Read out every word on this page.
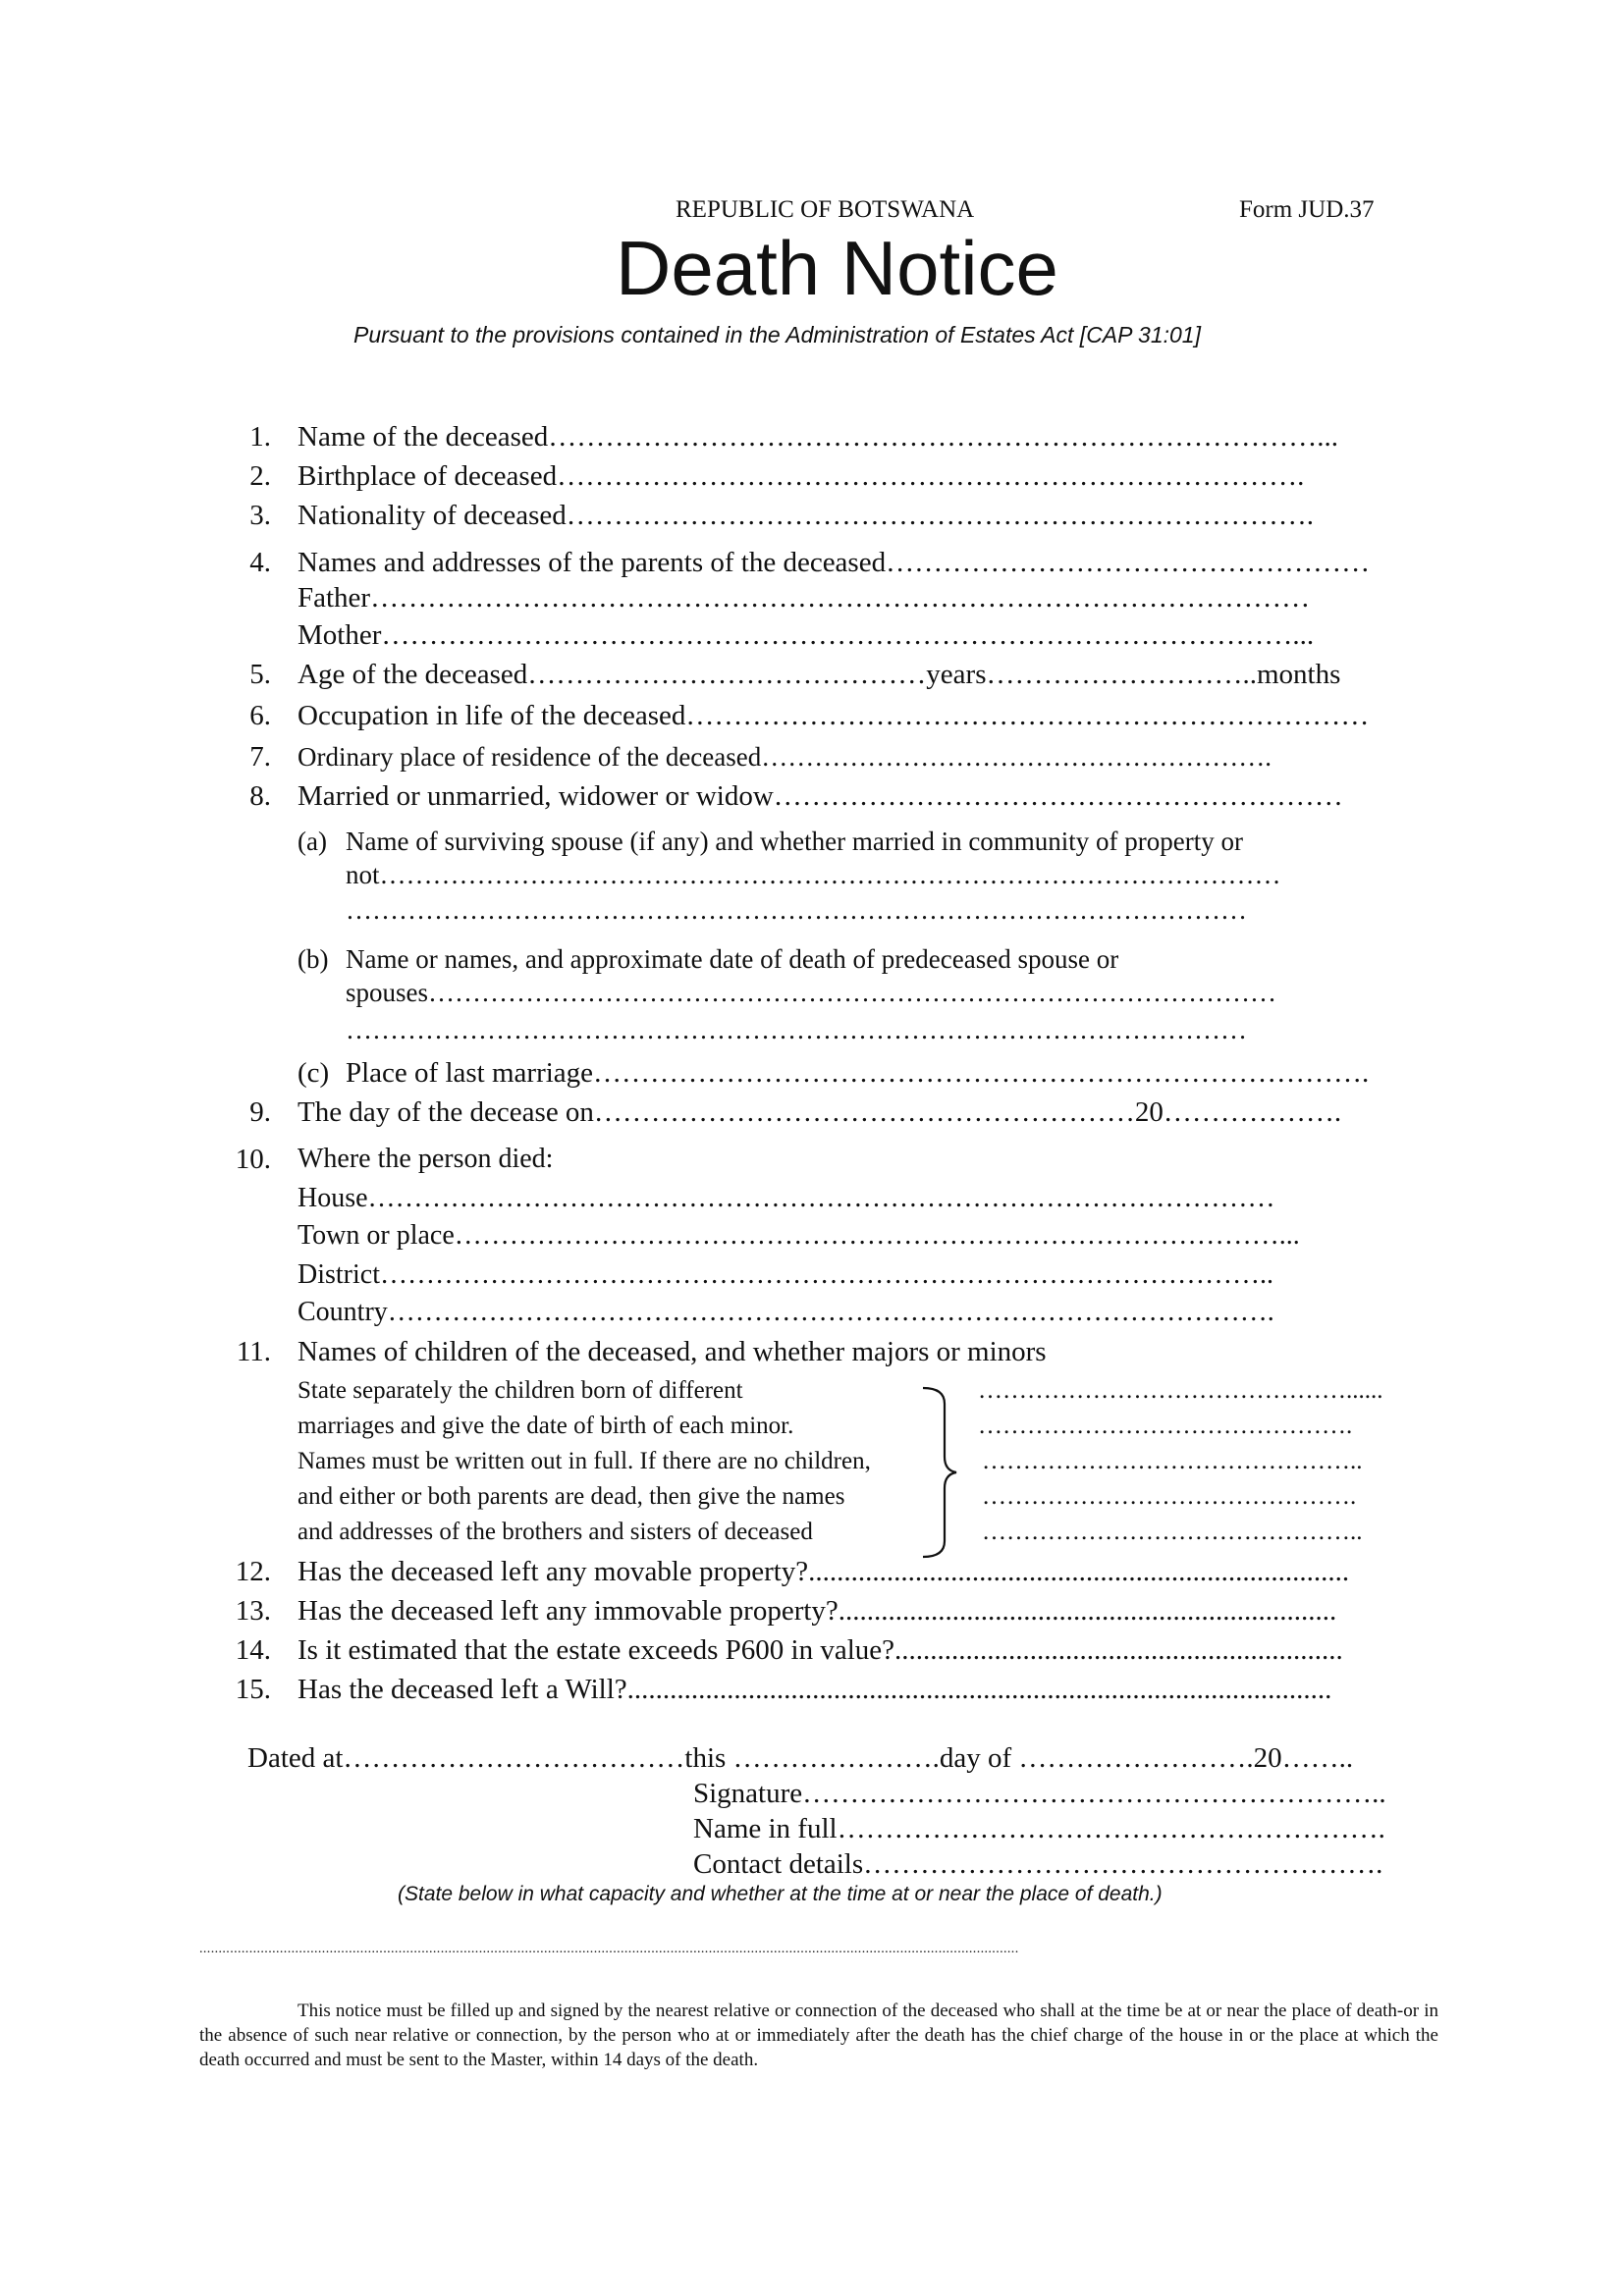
REPUBLIC OF BOTSWANA	Form JUD.37
Death Notice
Pursuant to the provisions contained in the Administration of Estates Act [CAP 31:01]
1. Name of the deceased………………………………………………………………………...
2. Birthplace of deceased…………………………………………………………………….
3. Nationality of deceased…………………………………………………………………….
4. Names and addresses of the parents of the deceased……………………………………………
Father………………………………………………………………………………………
Mother……………………………………………………………………………………...
5. Age of the deceased……………………………………years………………………..months
6. Occupation in life of the deceased………………………………………………………………
7. Ordinary place of residence of the deceased………………………………………………….
8. Married or unmarried, widower or widow……………………………………………………
(a) Name of surviving spouse (if any) and whether married in community of property or
not…………………………………………………………………………………………
…………………………………………………………………………………………
(b) Name or names, and approximate date of death of predeceased spouse or
spouses……………………………………………………………………………………
…………………………………………………………………………………………
(c) Place of last marriage……………………………………………………………………….
9. The day of the decease on…………………………………………………20……………….
10. Where the person died:
House………………………………………………………………………………………
Town or place………………………………………………………………………………...
District……………………………………………………………………………………..
Country…………………………………………………………………………………….
11. Names of children of the deceased, and whether majors or minors
State separately the children born of different
marriages and give the date of birth of each minor.
Names must be written out in full. If there are no children,
and either or both parents are dead, then give the names
and addresses of the brothers and sisters of deceased
………………………………………......
……………………………………….
………………………………………..
……………………………………….
………………………………………..
12. Has the deceased left any movable property?............................................................................
13. Has the deceased left any immovable property?......................................................................
14. Is it estimated that the estate exceeds P600 in value?...............................................................
15. Has the deceased left a Will?...................................................................................................
Dated at………………………………this ………………….day of …………………….20……..
Signature……………………………………………………..
Name in full………………………………………………….
Contact details……………………………………………….
(State below in what capacity and whether at the time at or near the place of death.)
......................................................................................................................................................................................................................
This notice must be filled up and signed by the nearest relative or connection of the deceased who shall at the time be at or near the place of death-or in the absence of such near relative or connection, by the person who at or immediately after the death has the chief charge of the house in or the place at which the death occurred and must be sent to the Master, within 14 days of the death.
